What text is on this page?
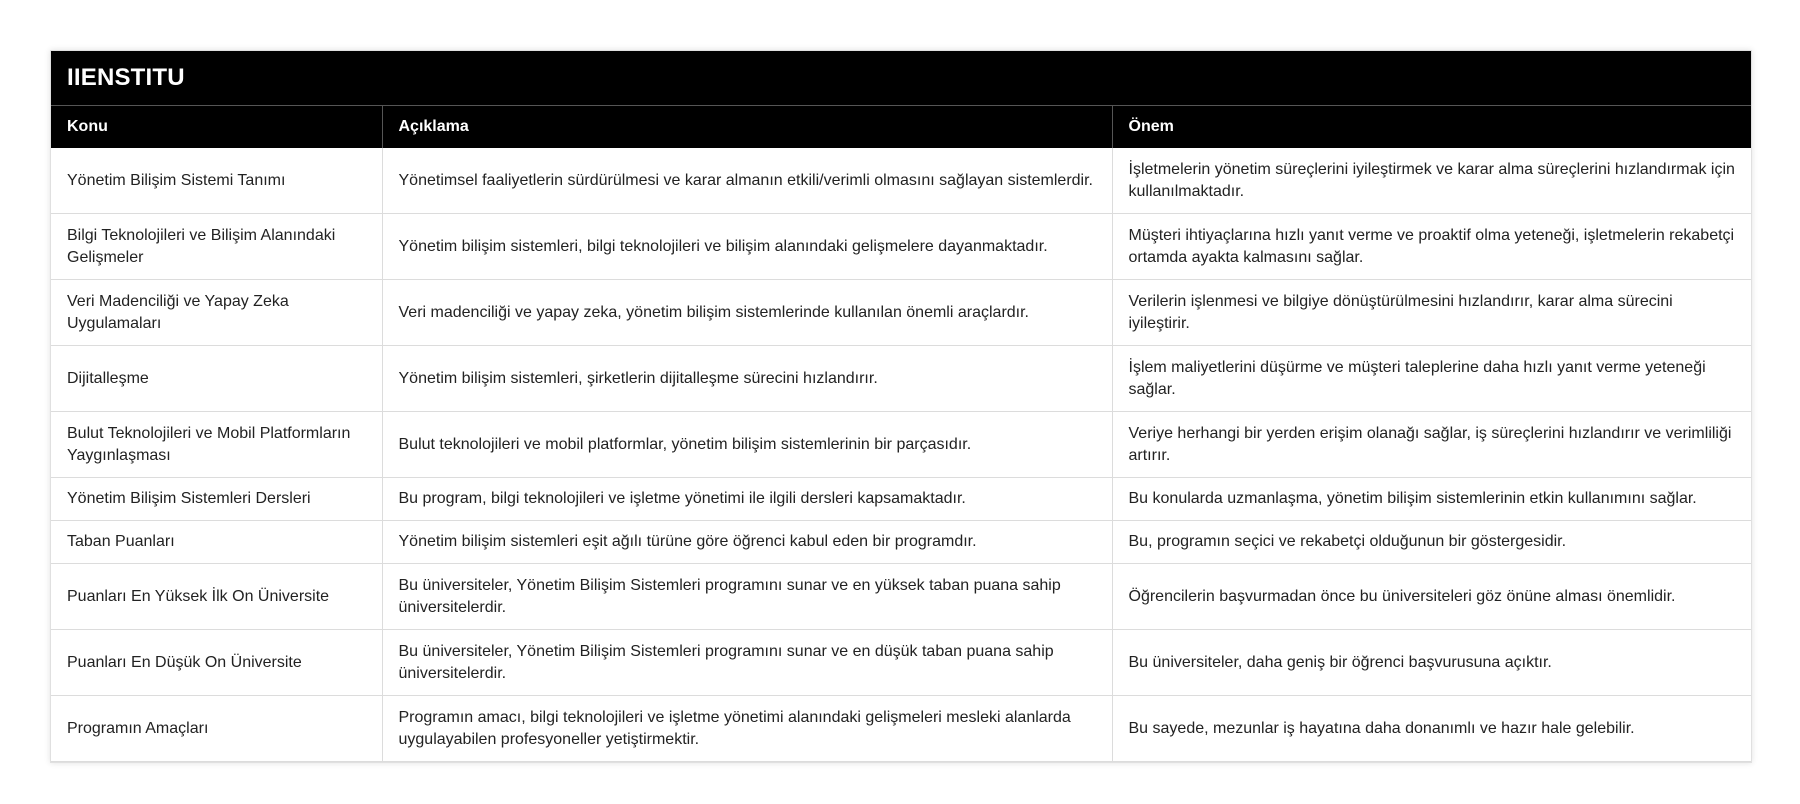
IIENSTITU
Konu	Açıklama	Önem
Yönetim Bilişim Sistemi Tanımı	Yönetimsel faaliyetlerin sürdürülmesi ve karar almanın etkili/verimli olmasını sağlayan sistemlerdir.	İşletmelerin yönetim süreçlerini iyileştirmek ve karar alma süreçlerini hızlandırmak için kullanılmaktadır.
Bilgi Teknolojileri ve Bilişim Alanındaki Gelişmeler	Yönetim bilişim sistemleri, bilgi teknolojileri ve bilişim alanındaki gelişmelere dayanmaktadır.	Müşteri ihtiyaçlarına hızlı yanıt verme ve proaktif olma yeteneği, işletmelerin rekabetçi ortamda ayakta kalmasını sağlar.
Veri Madenciliği ve Yapay Zeka Uygulamaları	Veri madenciliği ve yapay zeka, yönetim bilişim sistemlerinde kullanılan önemli araçlardır.	Verilerin işlenmesi ve bilgiye dönüştürülmesini hızlandırır, karar alma sürecini iyileştirir.
Dijitalleşme	Yönetim bilişim sistemleri, şirketlerin dijitalleşme sürecini hızlandırır.	İşlem maliyetlerini düşürme ve müşteri taleplerine daha hızlı yanıt verme yeteneği sağlar.
Bulut Teknolojileri ve Mobil Platformların Yaygınlaşması	Bulut teknolojileri ve mobil platformlar, yönetim bilişim sistemlerinin bir parçasıdır.	Veriye herhangi bir yerden erişim olanağı sağlar, iş süreçlerini hızlandırır ve verimliliği artırır.
Yönetim Bilişim Sistemleri Dersleri	Bu program, bilgi teknolojileri ve işletme yönetimi ile ilgili dersleri kapsamaktadır.	Bu konularda uzmanlaşma, yönetim bilişim sistemlerinin etkin kullanımını sağlar.
Taban Puanları	Yönetim bilişim sistemleri eşit ağılı türüne göre öğrenci kabul eden bir programdır.	Bu, programın seçici ve rekabetçi olduğunun bir göstergesidir.
Puanları En Yüksek İlk On Üniversite	Bu üniversiteler, Yönetim Bilişim Sistemleri programını sunar ve en yüksek taban puana sahip üniversitelerdir.	Öğrencilerin başvurmadan önce bu üniversiteleri göz önüne alması önemlidir.
Puanları En Düşük On Üniversite	Bu üniversiteler, Yönetim Bilişim Sistemleri programını sunar ve en düşük taban puana sahip üniversitelerdir.	Bu üniversiteler, daha geniş bir öğrenci başvurusuna açıktır.
Programın Amaçları	Programın amacı, bilgi teknolojileri ve işletme yönetimi alanındaki gelişmeleri mesleki alanlarda uygulayabilen profesyoneller yetiştirmektir.	Bu sayede, mezunlar iş hayatına daha donanımlı ve hazır hale gelebilir.
